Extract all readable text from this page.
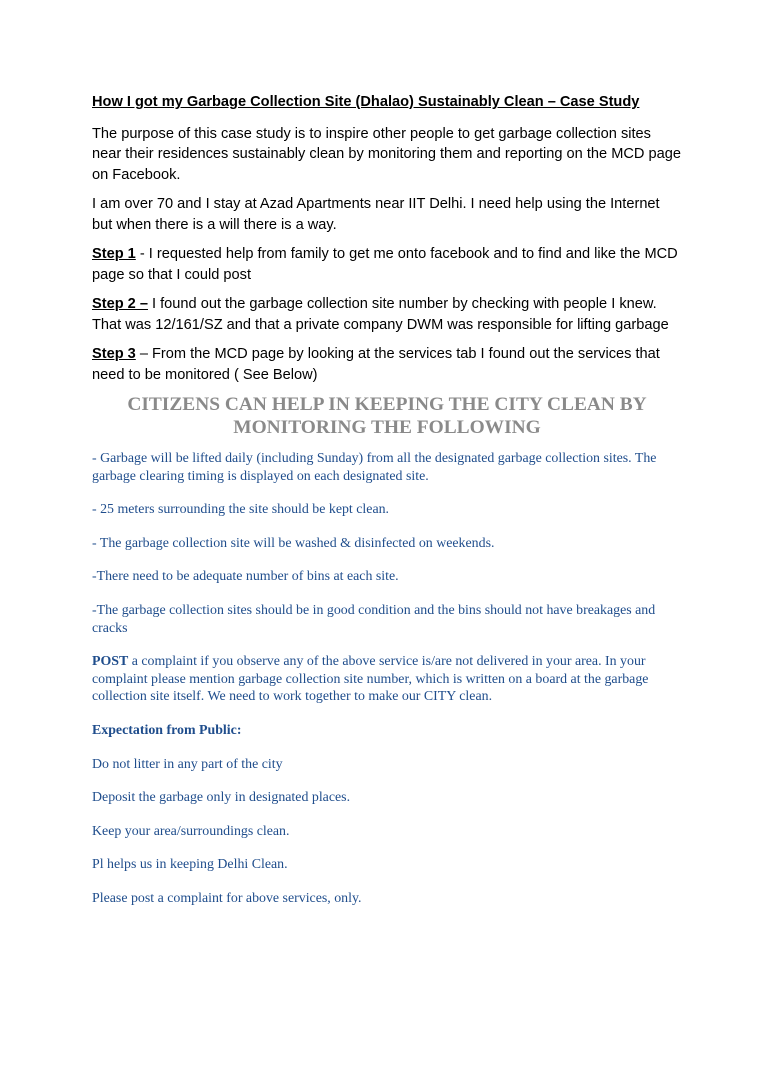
How I got my Garbage Collection Site (Dhalao) Sustainably Clean – Case Study

The purpose of this case study is to inspire other people to get garbage collection sites near their residences sustainably clean by monitoring them and reporting on the MCD page on Facebook.

I am over 70 and I stay at Azad Apartments near IIT Delhi. I need help using the Internet but when there is a will there is a way.

Step 1 - I requested help from family to get me onto facebook and to find and like the MCD page so that I could post

Step 2 – I found out the garbage collection site number by checking with people I knew. That was 12/161/SZ and that a private company DWM was responsible for lifting garbage

Step 3 – From the MCD page by looking at the services tab I found out the services that need to be monitored ( See Below)

CITIZENS CAN HELP IN KEEPING THE CITY CLEAN BY MONITORING THE FOLLOWING

- Garbage will be lifted daily (including Sunday) from all the designated garbage collection sites. The garbage clearing timing is displayed on each designated site.

- 25 meters surrounding the site should be kept clean.

- The garbage collection site will be washed & disinfected on weekends.

-There need to be adequate number of bins at each site.

-The garbage collection sites should be in good condition and the bins should not have breakages and cracks

POST a complaint if you observe any of the above service is/are not delivered in your area. In your complaint please mention garbage collection site number, which is written on a board at the garbage collection site itself. We need to work together to make our CITY clean.

Expectation from Public:

Do not litter in any part of the city

Deposit the garbage only in designated places.

Keep your area/surroundings clean.

Pl helps us in keeping Delhi Clean.

Please post a complaint for above services, only.
